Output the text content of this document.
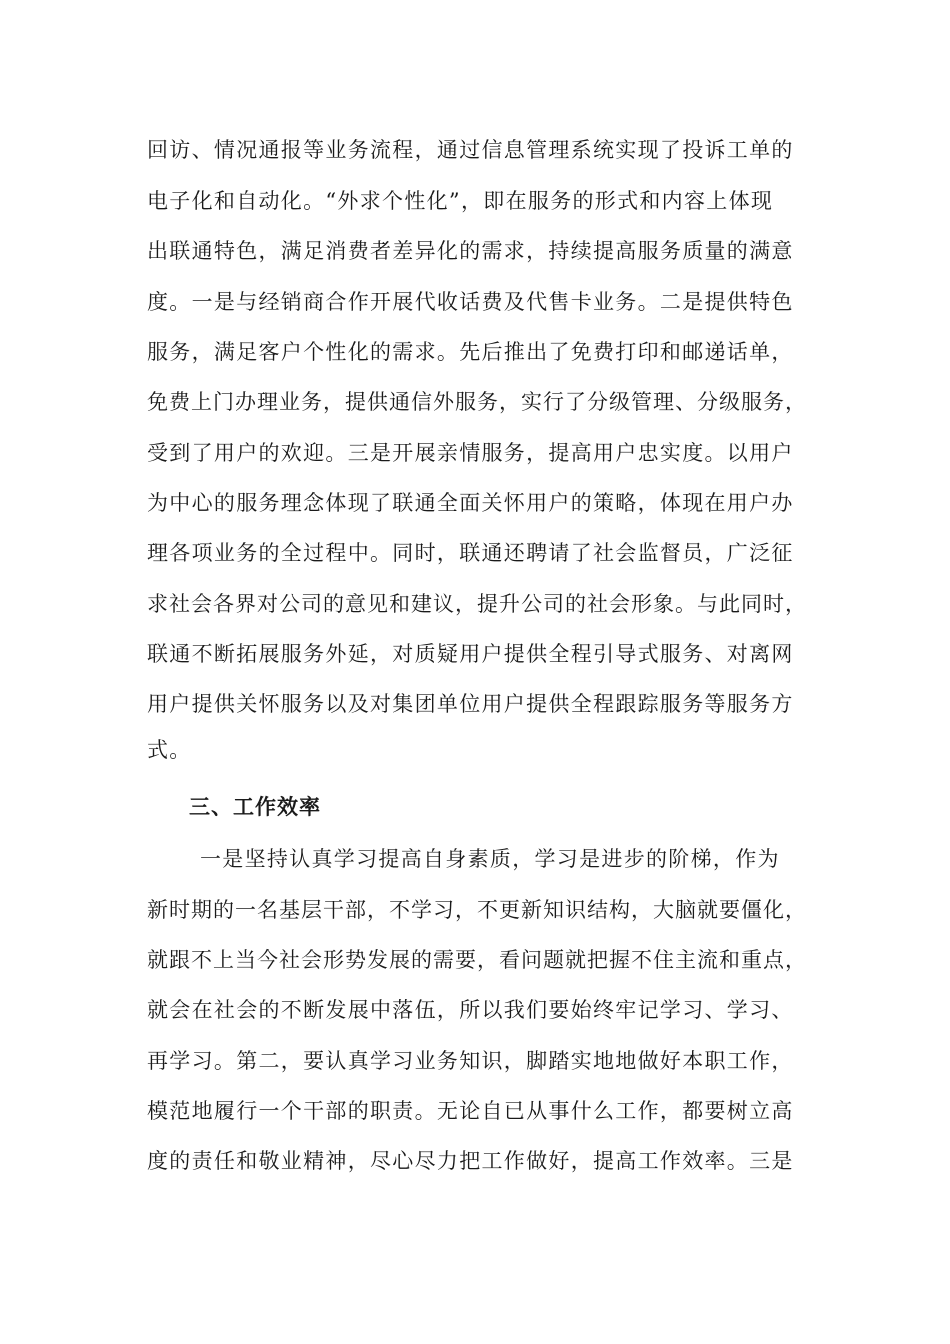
回访、情况通报等业务流程，通过信息管理系统实现了投诉工单的
电子化和自动化。“外求个性化”，即在服务的形式和内容上体现
出联通特色，满足消费者差异化的需求，持续提高服务质量的满意
度。一是与经销商合作开展代收话费及代售卡业务。二是提供特色
服务，满足客户个性化的需求。先后推出了免费打印和邮递话单，
免费上门办理业务，提供通信外服务，实行了分级管理、分级服务，
受到了用户的欢迎。三是开展亲情服务，提高用户忠实度。以用户
为中心的服务理念体现了联通全面关怀用户的策略，体现在用户办
理各项业务的全过程中。同时，联通还聘请了社会监督员，广泛征
求社会各界对公司的意见和建议，提升公司的社会形象。与此同时，
联通不断拓展服务外延，对质疑用户提供全程引导式服务、对离网
用户提供关怀服务以及对集团单位用户提供全程跟踪服务等服务方
式。
三、工作效率
一是坚持认真学习提高自身素质，学习是进步的阶梯，作为
新时期的一名基层干部，不学习，不更新知识结构，大脑就要僵化，
就跟不上当今社会形势发展的需要，看问题就把握不住主流和重点，
就会在社会的不断发展中落伍，所以我们要始终牢记学习、学习、
再学习。第二，要认真学习业务知识，脚踏实地地做好本职工作，
模范地履行一个干部的职责。无论自已从事什么工作，都要树立高
度的责任和敬业精神，尽心尽力把工作做好，提高工作效率。三是
